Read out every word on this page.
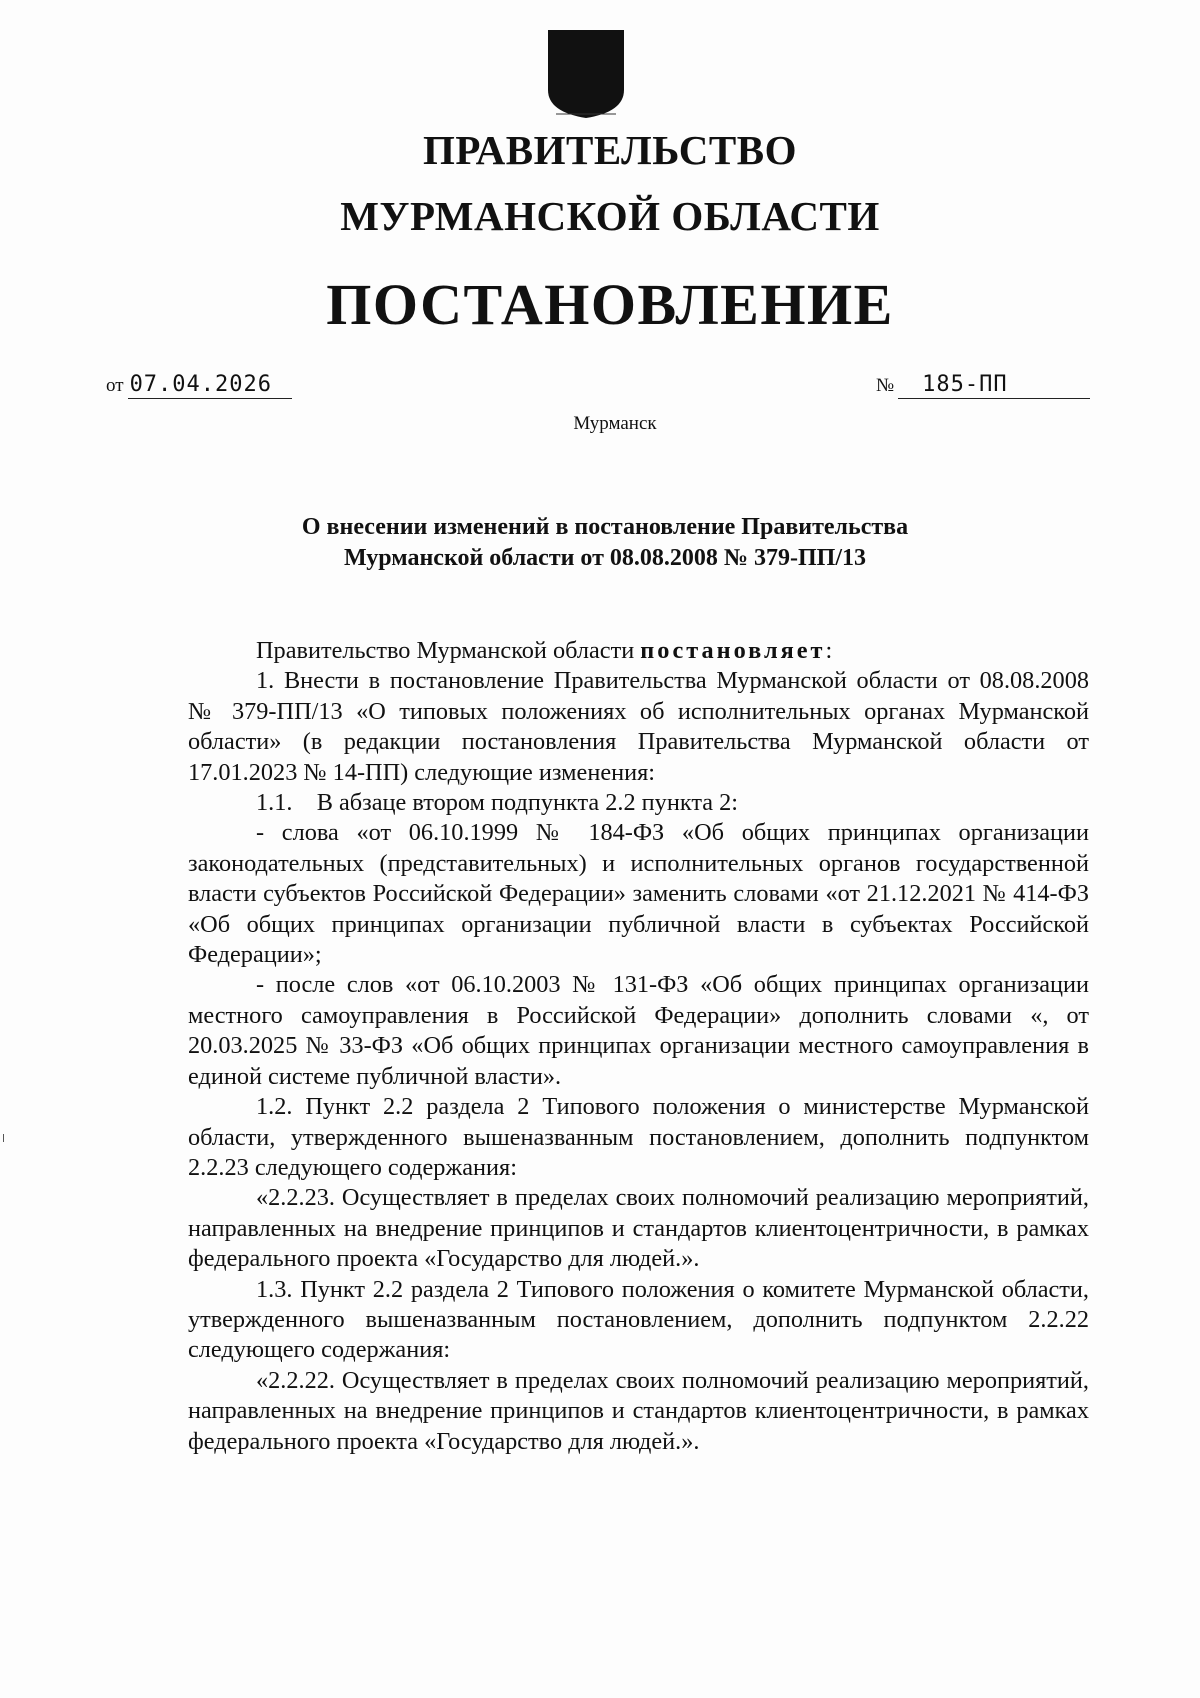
ПРАВИТЕЛЬСТВО
МУРМАНСКОЙ ОБЛАСТИ
ПОСТАНОВЛЕНИЕ
от 07.04.2026	№ 185-ПП
Мурманск
О внесении изменений в постановление Правительства
Мурманской области от 08.08.2008 № 379-ПП/13

Правительство Мурманской области постановляет:

1. Внести в постановление Правительства Мурманской области от 08.08.2008 № 379-ПП/13 «О типовых положениях об исполнительных органах Мурманской области» (в редакции постановления Правительства Мурманской области от 17.01.2023 № 14-ПП) следующие изменения:

1.1.    В абзаце втором подпункта 2.2 пункта 2:

- слова «от 06.10.1999 № 184-ФЗ «Об общих принципах организации законодательных (представительных) и исполнительных органов государственной власти субъектов Российской Федерации» заменить словами «от 21.12.2021 № 414-ФЗ «Об общих принципах организации публичной власти в субъектах Российской Федерации»;

- после слов «от 06.10.2003 № 131-ФЗ «Об общих принципах организации местного самоуправления в Российской Федерации» дополнить словами «, от 20.03.2025 № 33-ФЗ «Об общих принципах организации местного самоуправления в единой системе публичной власти».

1.2. Пункт 2.2 раздела 2 Типового положения о министерстве Мурманской области, утвержденного вышеназванным постановлением, дополнить подпунктом 2.2.23 следующего содержания:

«2.2.23. Осуществляет в пределах своих полномочий реализацию мероприятий, направленных на внедрение принципов и стандартов клиентоцентричности, в рамках федерального проекта «Государство для людей.».

1.3. Пункт 2.2 раздела 2 Типового положения о комитете Мурманской области, утвержденного вышеназванным постановлением, дополнить подпунктом 2.2.22 следующего содержания:

«2.2.22. Осуществляет в пределах своих полномочий реализацию мероприятий, направленных на внедрение принципов и стандартов клиентоцентричности, в рамках федерального проекта «Государство для людей.».
